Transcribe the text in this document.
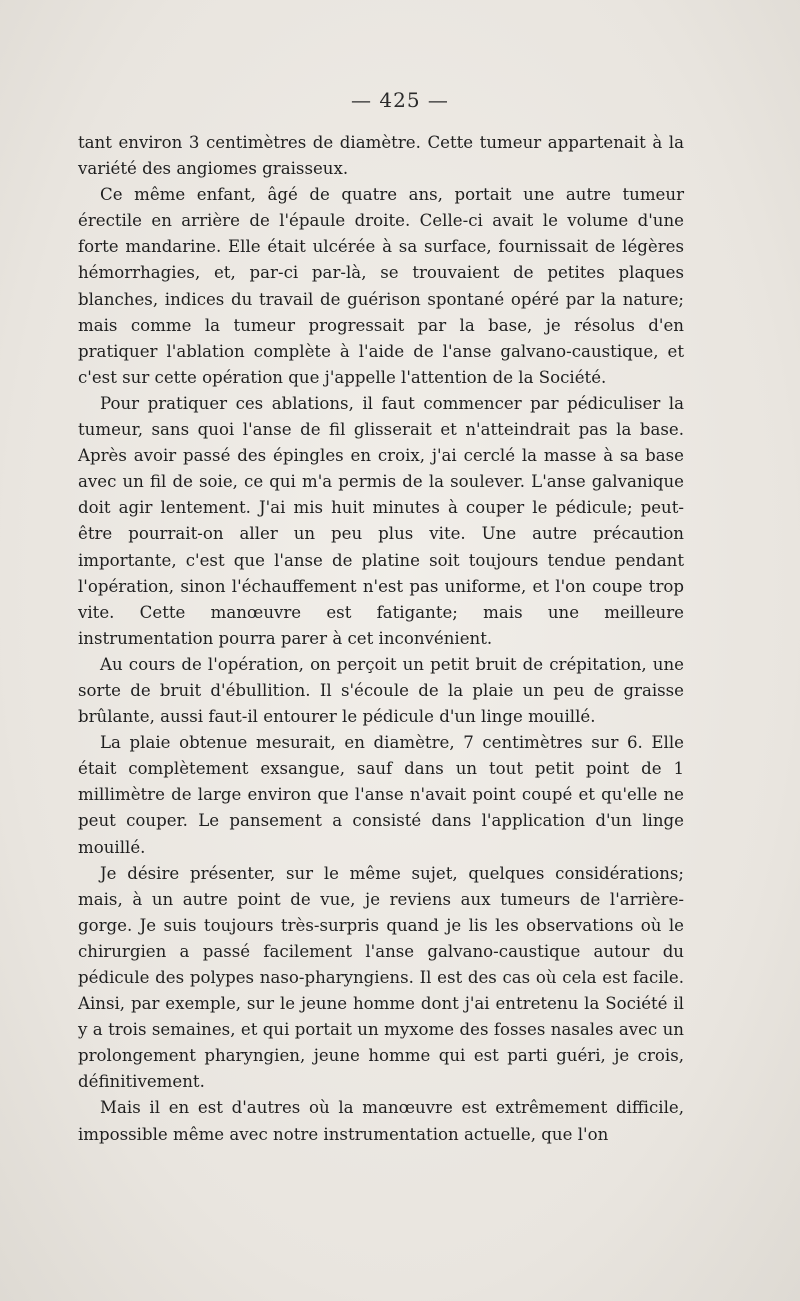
— 425 —

tant environ 3 centimètres de diamètre. Cette tumeur appartenait à la variété des angiomes graisseux.

Ce même enfant, âgé de quatre ans, portait une autre tumeur érectile en arrière de l'épaule droite. Celle-ci avait le volume d'une forte mandarine. Elle était ulcérée à sa surface, fournissait de légères hémorrhagies, et, par-ci par-là, se trouvaient de petites plaques blanches, indices du travail de guérison spontané opéré par la nature; mais comme la tumeur progressait par la base, je résolus d'en pratiquer l'ablation complète à l'aide de l'anse galvano-caustique, et c'est sur cette opération que j'appelle l'attention de la Société.

Pour pratiquer ces ablations, il faut commencer par pédiculiser la tumeur, sans quoi l'anse de fil glisserait et n'atteindrait pas la base. Après avoir passé des épingles en croix, j'ai cerclé la masse à sa base avec un fil de soie, ce qui m'a permis de la soulever. L'anse galvanique doit agir lentement. J'ai mis huit minutes à couper le pédicule; peut-être pourrait-on aller un peu plus vite. Une autre précaution importante, c'est que l'anse de platine soit toujours tendue pendant l'opération, sinon l'échauffement n'est pas uniforme, et l'on coupe trop vite. Cette manœuvre est fatigante; mais une meilleure instrumentation pourra parer à cet inconvénient.

Au cours de l'opération, on perçoit un petit bruit de crépitation, une sorte de bruit d'ébullition. Il s'écoule de la plaie un peu de graisse brûlante, aussi faut-il entourer le pédicule d'un linge mouillé.

La plaie obtenue mesurait, en diamètre, 7 centimètres sur 6. Elle était complètement exsangue, sauf dans un tout petit point de 1 millimètre de large environ que l'anse n'avait point coupé et qu'elle ne peut couper. Le pansement a consisté dans l'application d'un linge mouillé.

Je désire présenter, sur le même sujet, quelques considérations; mais, à un autre point de vue, je reviens aux tumeurs de l'arrière-gorge. Je suis toujours très-surpris quand je lis les observations où le chirurgien a passé facilement l'anse galvano-caustique autour du pédicule des polypes naso-pharyngiens. Il est des cas où cela est facile. Ainsi, par exemple, sur le jeune homme dont j'ai entretenu la Société il y a trois semaines, et qui portait un myxome des fosses nasales avec un prolongement pharyngien, jeune homme qui est parti guéri, je crois, définitivement.

Mais il en est d'autres où la manœuvre est extrêmement difficile, impossible même avec notre instrumentation actuelle, que l'on
